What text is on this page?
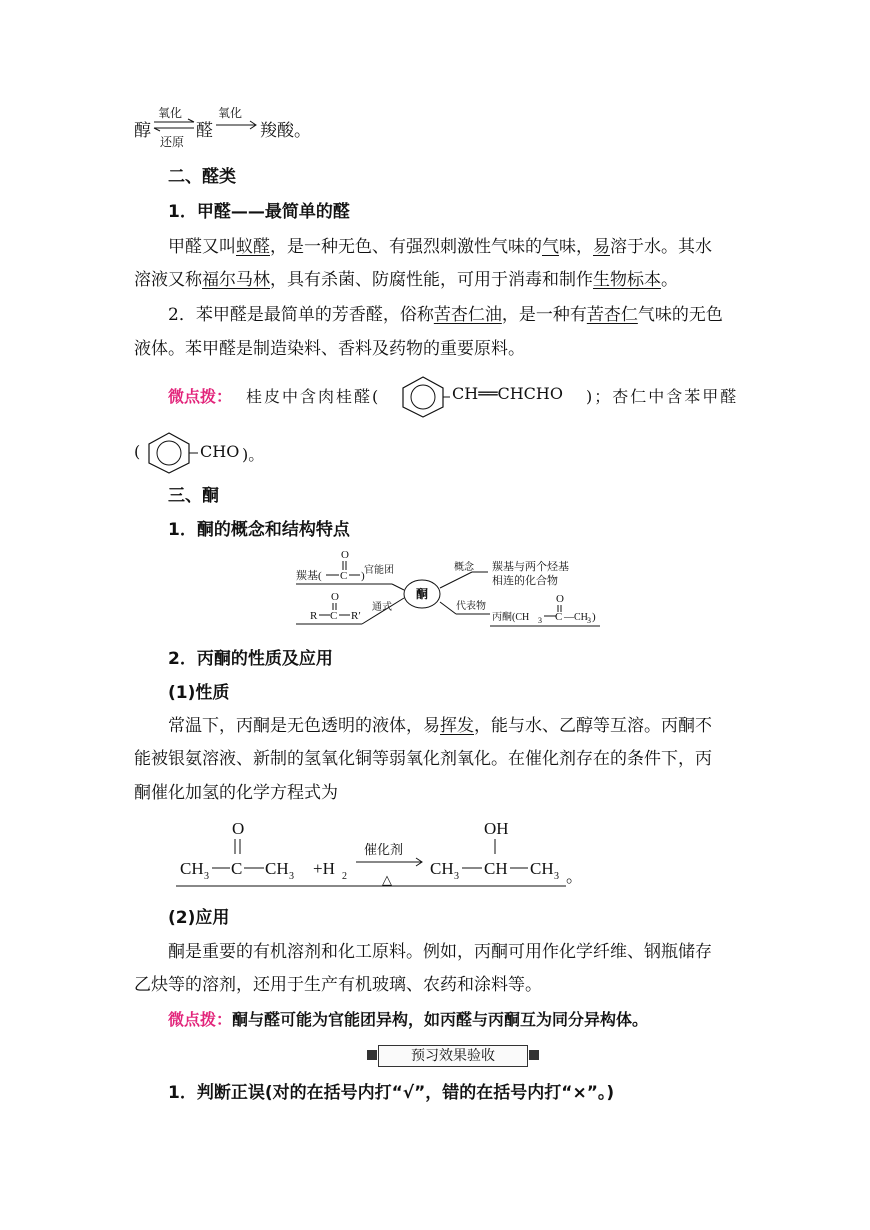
醇
氧化
还原
⇌ 醛
氧化
羧酸。
二、醛类
1．甲醛——最简单的醛
甲醛又叫蚁醛，是一种无色、有强烈刺激性气味的气味，易溶于水。其水
溶液又称福尔马林，具有杀菌、防腐性能，可用于消毒和制作生物标本。
2．苯甲醛是最简单的芳香醛，俗称苦杏仁油，是一种有苦杏仁气味的无色
液体。苯甲醛是制造染料、香料及药物的重要原料。
微点拨： 桂皮中含肉桂醛(	CH══CHCHO )；杏仁中含苯甲醛
(	CHO )。
三、酮
1．酮的概念和结构特点
羰基(
O
C ) 官能团
R
O
C R′
通式
酮
概念 羰基与两个烃基
相连的化合物
代表物
丙酮(CH 3
O
C —CH 3 )
2．丙酮的性质及应用
(1)性质
常温下，丙酮是无色透明的液体，易挥发，能与水、乙醇等互溶。丙酮不
能被银氨溶液、新制的氢氧化铜等弱氧化剂氧化。在催化剂存在的条件下，丙
酮催化加氢的化学方程式为
O
CH 3 C CH 3 +H 2
催化剂
△
CH 3
OH
CH CH 3 。
(2)应用
酮是重要的有机溶剂和化工原料。例如，丙酮可用作化学纤维、钢瓶储存
乙炔等的溶剂，还用于生产有机玻璃、农药和涂料等。
微点拨：酮与醛可能为官能团异构，如丙醛与丙酮互为同分异构体。
预习效果验收
1．判断正误(对的在括号内打“√”，错的在括号内打“×”。)
